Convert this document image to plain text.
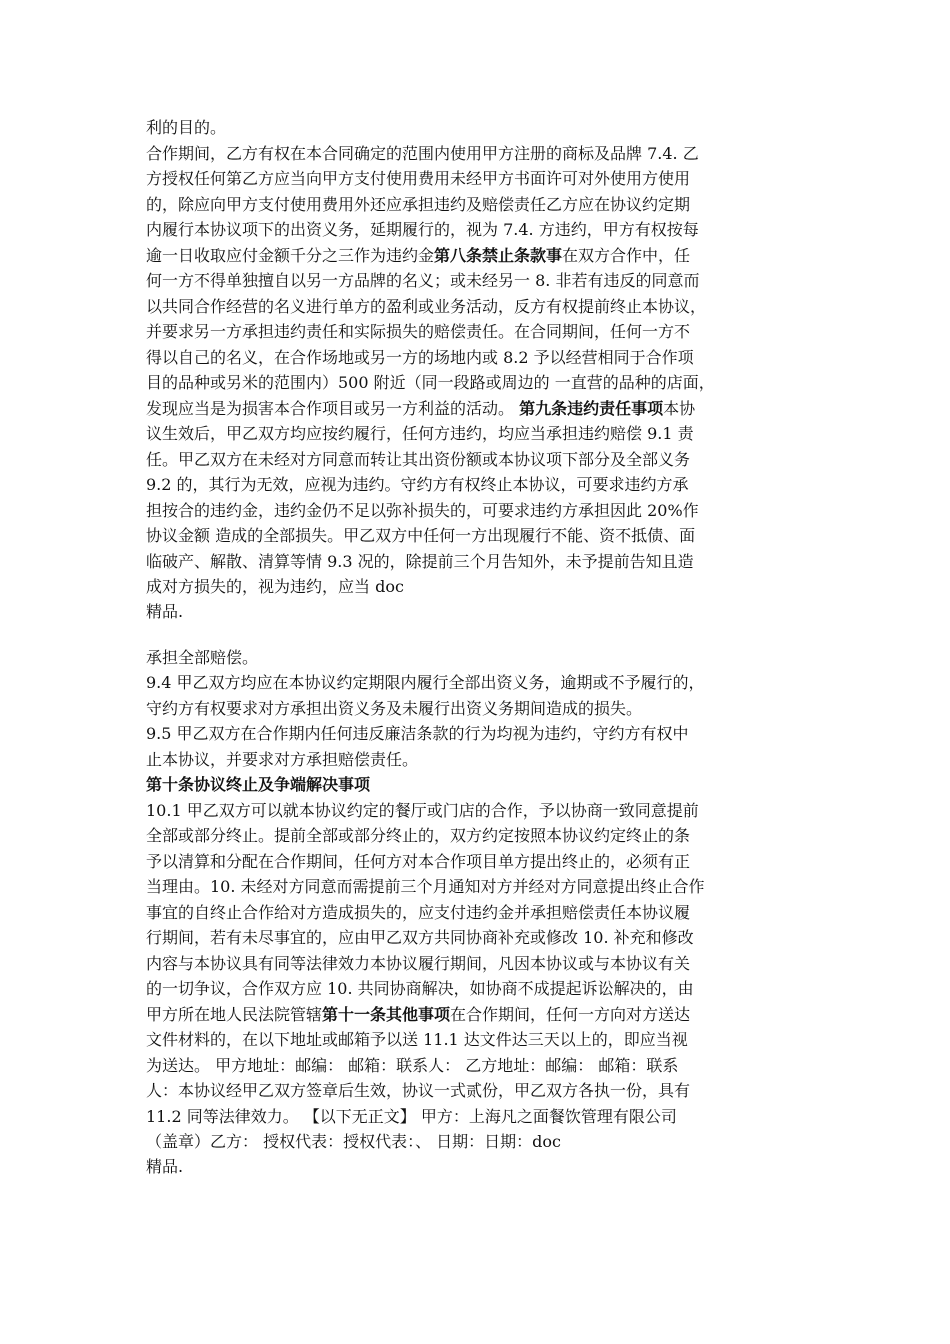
利的目的。
合作期间，乙方有权在本合同确定的范围内使用甲方注册的商标及品牌 7.4. 乙
方授权任何第乙方应当向甲方支付使用费用未经甲方书面许可对外使用方使用
的，除应向甲方支付使用费用外还应承担违约及赔偿责任乙方应在协议约定期
内履行本协议项下的出资义务，延期履行的，视为 7.4. 方违约，甲方有权按每
逾一日收取应付金额千分之三作为违约金第八条禁止条款事在双方合作中，任
何一方不得单独擅自以另一方品牌的名义；或未经另一 8. 非若有违反的同意而
以共同合作经营的名义进行单方的盈利或业务活动，反方有权提前终止本协议，
并要求另一方承担违约责任和实际损失的赔偿责任。在合同期间，任何一方不
得以自己的名义，在合作场地或另一方的场地内或 8.2 予以经营相同于合作项
目的品种或另米的范围内）500 附近（同一段路或周边的 一直营的品种的店面，
发现应当是为损害本合作项目或另一方利益的活动。 第九条违约责任事项本协
议生效后，甲乙双方均应按约履行，任何方违约，均应当承担违约赔偿 9.1 责
任。甲乙双方在未经对方同意而转让其出资份额或本协议项下部分及全部义务
9.2 的，其行为无效，应视为违约。守约方有权终止本协议，可要求违约方承
担按合的违约金，违约金仍不足以弥补损失的，可要求违约方承担因此 20%作
协议金额 造成的全部损失。甲乙双方中任何一方出现履行不能、资不抵债、面
临破产、解散、清算等情 9.3 况的，除提前三个月告知外，未予提前告知且造
成对方损失的，视为违约，应当 doc
精品.
承担全部赔偿。
9.4 甲乙双方均应在本协议约定期限内履行全部出资义务，逾期或不予履行的，
守约方有权要求对方承担出资义务及未履行出资义务期间造成的损失。
9.5 甲乙双方在合作期内任何违反廉洁条款的行为均视为违约，守约方有权中
止本协议，并要求对方承担赔偿责任。
第十条协议终止及争端解决事项
10.1 甲乙双方可以就本协议约定的餐厅或门店的合作，予以协商一致同意提前
全部或部分终止。提前全部或部分终止的，双方约定按照本协议约定终止的条
予以清算和分配在合作期间，任何方对本合作项目单方提出终止的，必须有正
当理由。10. 未经对方同意而需提前三个月通知对方并经对方同意提出终止合作
事宜的自终止合作给对方造成损失的，应支付违约金并承担赔偿责任本协议履
行期间，若有未尽事宜的，应由甲乙双方共同协商补充或修改 10. 补充和修改
内容与本协议具有同等法律效力本协议履行期间，凡因本协议或与本协议有关
的一切争议，合作双方应 10. 共同协商解决，如协商不成提起诉讼解决的，由
甲方所在地人民法院管辖第十一条其他事项在合作期间，任何一方向对方送达
文件材料的，在以下地址或邮箱予以送 11.1 达文件达三天以上的，即应当视
为送达。 甲方地址：邮编： 邮箱：联系人： 乙方地址：邮编： 邮箱：联系
人：本协议经甲乙双方签章后生效，协议一式贰份，甲乙双方各执一份，具有
11.2 同等法律效力。 【以下无正文】 甲方：上海凡之面餐饮管理有限公司
（盖章）乙方： 授权代表：授权代表：、 日期：日期：doc
精品.
